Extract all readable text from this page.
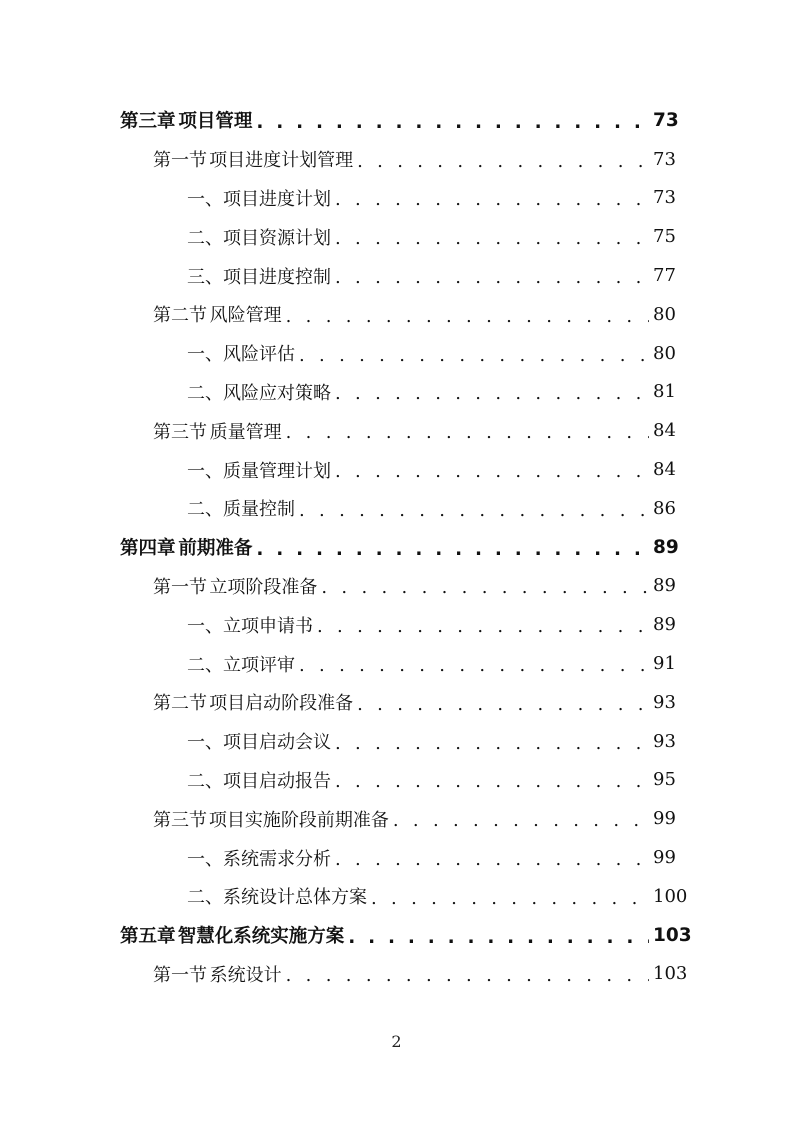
第三章 项目管理 . . .	73
第一节 项目进度计划管理 . . .	73
一、 项目进度计划 . . .	73
二、 项目资源计划 . . .	75
三、 项目进度控制 . . .	77
第二节 风险管理 . . .	80
一、 风险评估 . . .	80
二、 风险应对策略 . . .	81
第三节 质量管理 . . .	84
一、 质量管理计划 . . .	84
二、 质量控制 . . .	86
第四章 前期准备 . . .	89
第一节 立项阶段准备 . . .	89
一、 立项申请书 . . .	89
二、 立项评审 . . .	91
第二节 项目启动阶段准备 . . .	93
一、 项目启动会议 . . .	93
二、 项目启动报告 . . .	95
第三节 项目实施阶段前期准备 . . .	99
一、 系统需求分析 . . .	99
二、 系统设计总体方案 . . .	100
第五章 智慧化系统实施方案 . . .	103
第一节 系统设计 . . .	103
2
